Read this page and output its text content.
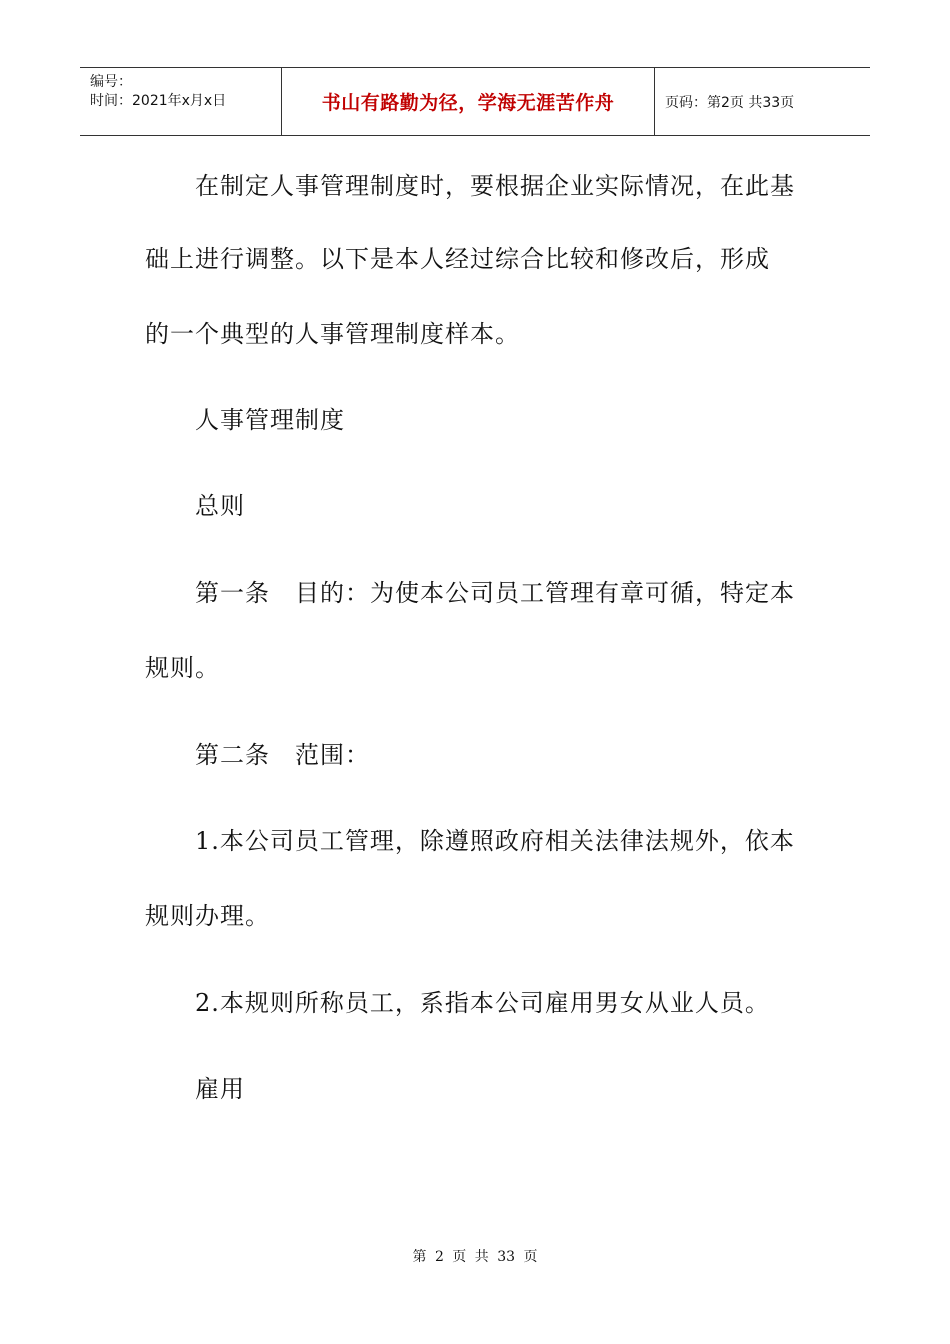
编号：
时间：2021年x月x日	书山有路勤为径，学海无涯苦作舟	页码：第2页 共33页
　　在制定人事管理制度时，要根据企业实际情况，在此基
础上进行调整。以下是本人经过综合比较和修改后，形成
的一个典型的人事管理制度样本。
　　人事管理制度
　　总则
　　第一条　目的：为使本公司员工管理有章可循，特定本
规则。
　　第二条　范围：
　　1.本公司员工管理，除遵照政府相关法律法规外，依本
规则办理。
　　2.本规则所称员工，系指本公司雇用男女从业人员。
　　雇用
第 2 页 共 33 页
